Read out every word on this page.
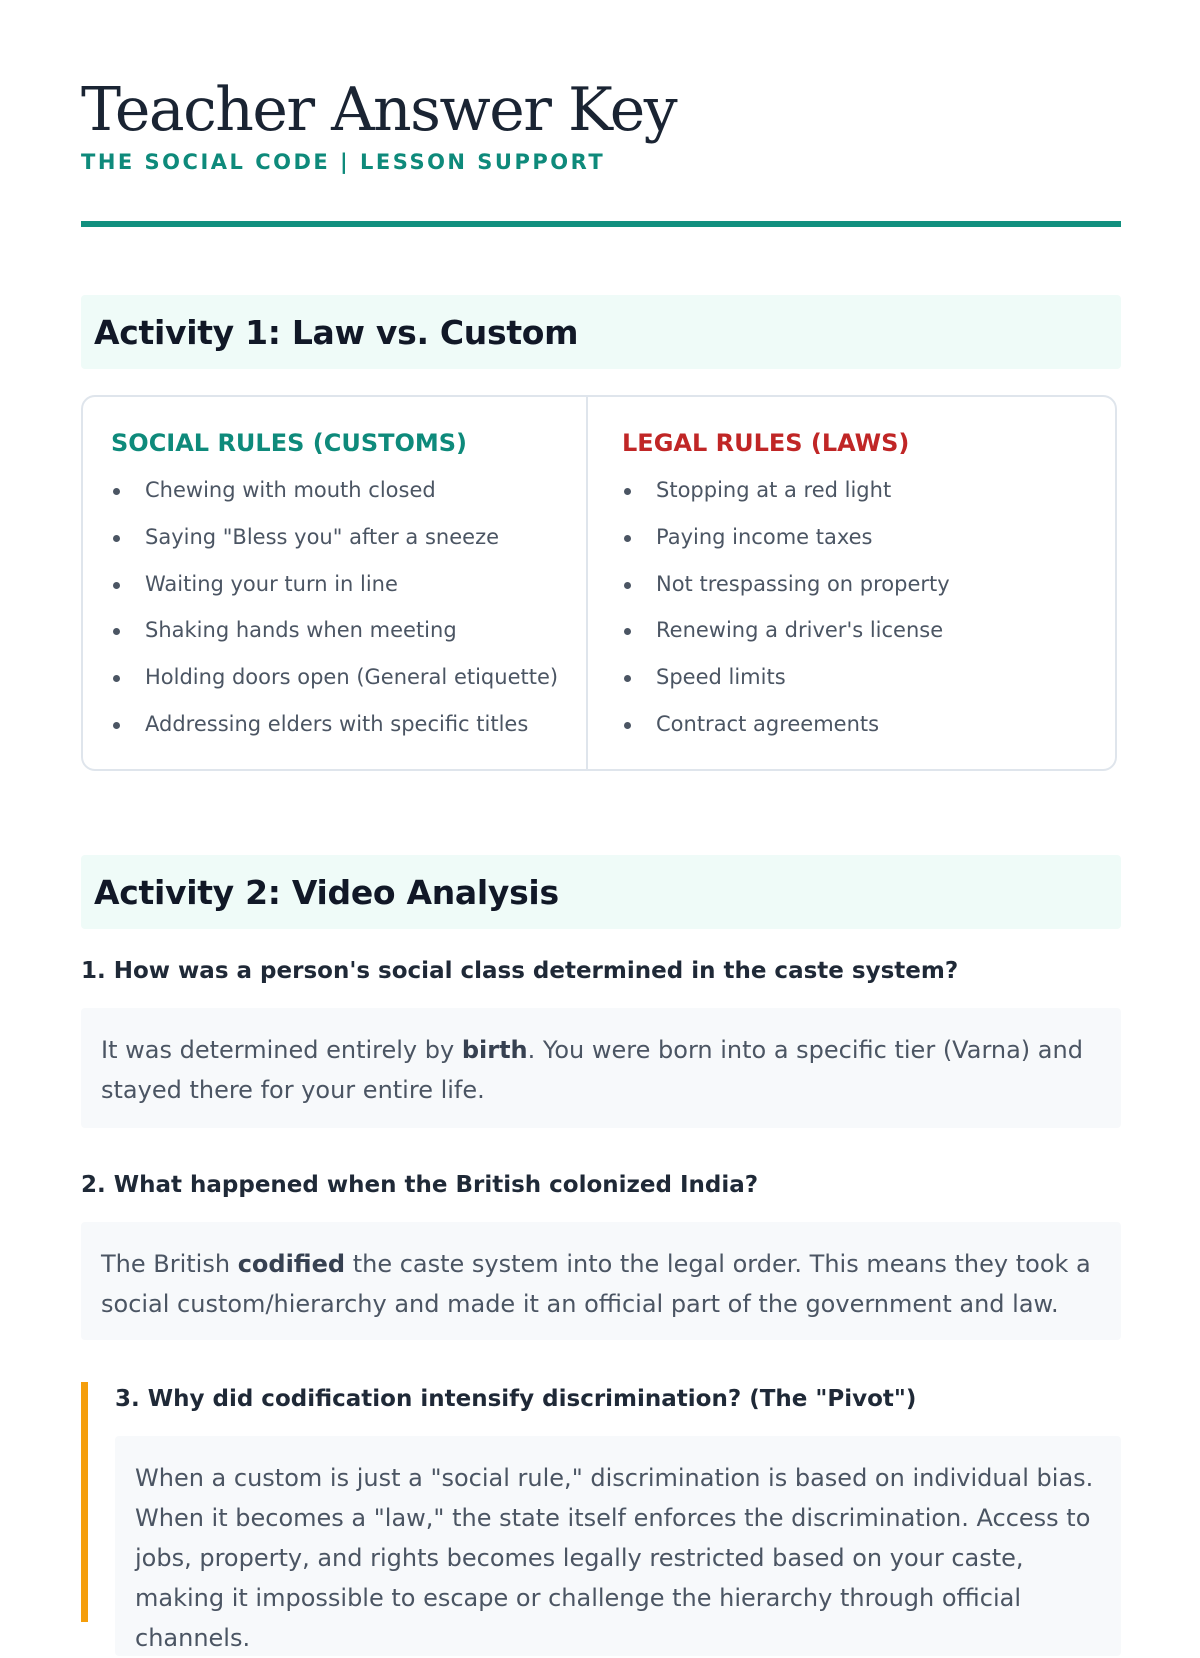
Teacher Answer Key
THE SOCIAL CODE | LESSON SUPPORT
Activity 1: Law vs. Custom
SOCIAL RULES (CUSTOMS)
Chewing with mouth closed
Saying "Bless you" after a sneeze
Waiting your turn in line
Shaking hands when meeting
Holding doors open (General etiquette)
Addressing elders with specific titles
LEGAL RULES (LAWS)
Stopping at a red light
Paying income taxes
Not trespassing on property
Renewing a driver's license
Speed limits
Contract agreements
Activity 2: Video Analysis
1. How was a person's social class determined in the caste system?
It was determined entirely by birth. You were born into a specific tier (Varna) and stayed there for your entire life.
2. What happened when the British colonized India?
The British codified the caste system into the legal order. This means they took a social custom/hierarchy and made it an official part of the government and law.
3. Why did codification intensify discrimination? (The "Pivot")
When a custom is just a "social rule," discrimination is based on individual bias. When it becomes a "law," the state itself enforces the discrimination. Access to jobs, property, and rights becomes legally restricted based on your caste, making it impossible to escape or challenge the hierarchy through official channels.
